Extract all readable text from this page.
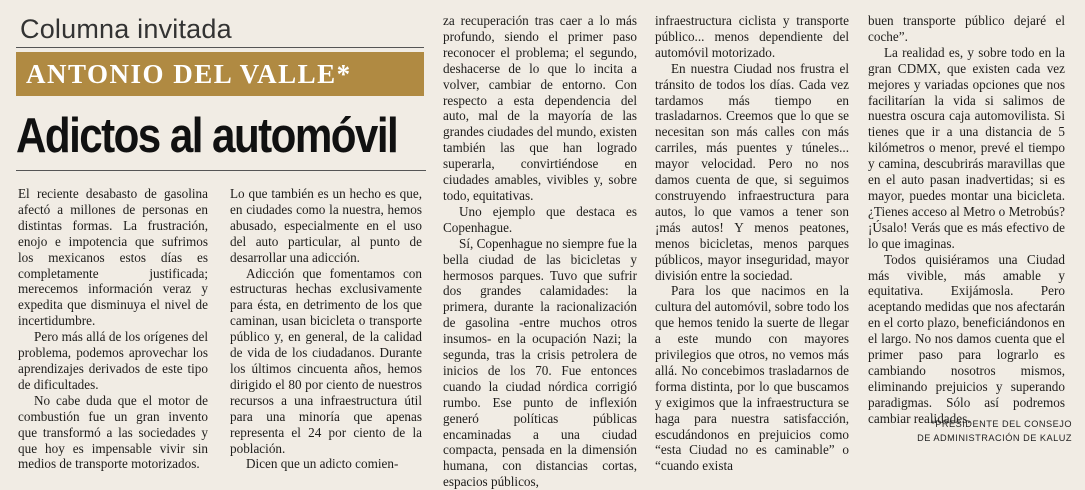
Columna invitada
ANTONIO DEL VALLE*
Adictos al automóvil

El reciente desabasto de gasolina afectó a millones de personas en distintas formas. La frustración, enojo e impotencia que sufrimos los mexicanos estos días es completamente justificada; merecemos información veraz y expedita que disminuya el nivel de incertidumbre.

Pero más allá de los orígenes del problema, podemos aprovechar los aprendizajes derivados de este tipo de dificultades.

No cabe duda que el motor de combustión fue un gran invento que transformó a las sociedades y que hoy es impensable vivir sin medios de transporte motorizados.

Lo que también es un hecho es que, en ciudades como la nuestra, hemos abusado, especialmente en el uso del auto particular, al punto de desarrollar una adicción.

Adicción que fomentamos con estructuras hechas exclusivamente para ésta, en detrimento de los que caminan, usan bicicleta o transporte público y, en general, de la calidad de vida de los ciudadanos. Durante los últimos cincuenta años, hemos dirigido el 80 por ciento de nuestros recursos a una infraestructura útil para una minoría que apenas representa el 24 por ciento de la población.

Dicen que un adicto comien-

za recuperación tras caer a lo más profundo, siendo el primer paso reconocer el problema; el segundo, deshacerse de lo que lo incita a volver, cambiar de entorno. Con respecto a esta dependencia del auto, mal de la mayoría de las grandes ciudades del mundo, existen también las que han logrado superarla, convirtiéndose en ciudades amables, vivibles y, sobre todo, equitativas.

Uno ejemplo que destaca es Copenhague.

Sí, Copenhague no siempre fue la bella ciudad de las bicicletas y hermosos parques. Tuvo que sufrir dos grandes calamidades: la primera, durante la racionalización de gasolina -entre muchos otros insumos- en la ocupación Nazi; la segunda, tras la crisis petrolera de inicios de los 70. Fue entonces cuando la ciudad nórdica corrigió rumbo. Ese punto de inflexión generó políticas públicas encaminadas a una ciudad compacta, pensada en la dimensión humana, con distancias cortas, espacios públicos,

infraestructura ciclista y transporte público... menos dependiente del automóvil motorizado.

En nuestra Ciudad nos frustra el tránsito de todos los días. Cada vez tardamos más tiempo en trasladarnos. Creemos que lo que se necesitan son más calles con más carriles, más puentes y túneles... mayor velocidad. Pero no nos damos cuenta de que, si seguimos construyendo infraestructura para autos, lo que vamos a tener son ¡más autos! Y menos peatones, menos bicicletas, menos parques públicos, mayor inseguridad, mayor división entre la sociedad.

Para los que nacimos en la cultura del automóvil, sobre todo los que hemos tenido la suerte de llegar a este mundo con mayores privilegios que otros, no vemos más allá. No concebimos trasladarnos de forma distinta, por lo que buscamos y exigimos que la infraestructura se haga para nuestra satisfacción, escudándonos en prejuicios como “esta Ciudad no es caminable” o “cuando exista

buen transporte público dejaré el coche”.

La realidad es, y sobre todo en la gran CDMX, que existen cada vez mejores y variadas opciones que nos facilitarían la vida si salimos de nuestra oscura caja automovilista. Si tienes que ir a una distancia de 5 kilómetros o menor, prevé el tiempo y camina, descubrirás maravillas que en el auto pasan inadvertidas; si es mayor, puedes montar una bicicleta. ¿Tienes acceso al Metro o Metrobús? ¡Úsalo! Verás que es más efectivo de lo que imaginas.

Todos quisiéramos una Ciudad más vivible, más amable y equitativa. Exijámosla. Pero aceptando medidas que nos afectarán en el corto plazo, beneficiándonos en el largo. No nos damos cuenta que el primer paso para lograrlo es cambiando nosotros mismos, eliminando prejuicios y superando paradigmas. Sólo así podremos cambiar realidades.

*PRESIDENTE DEL CONSEJO
DE ADMINISTRACIÓN DE KALUZ
